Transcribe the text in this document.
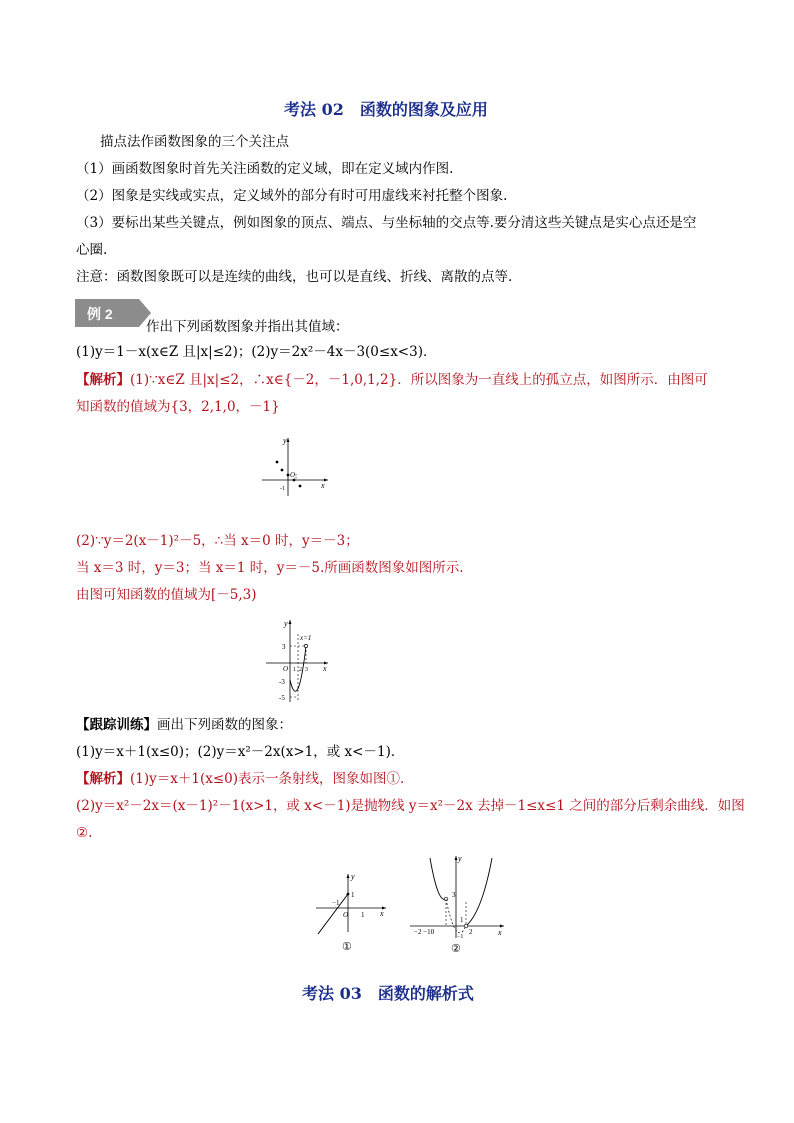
考法 02　函数的图象及应用
描点法作函数图象的三个关注点
（1）画函数图象时首先关注函数的定义域，即在定义域内作图.
（2）图象是实线或实点，定义域外的部分有时可用虚线来衬托整个图象.
（3）要标出某些关键点，例如图象的顶点、端点、与坐标轴的交点等.要分清这些关键点是实心点还是空
心圈.
注意：函数图象既可以是连续的曲线，也可以是直线、折线、离散的点等.
例 2
作出下列函数图象并指出其值域：
(1)y＝1－x(x∈Z 且|x|≤2)；(2)y＝2x²－4x－3(0≤x<3)．
【解析】(1)∵x∈Z 且|x|≤2，∴x∈{－2，－1,0,1,2}．所以图象为一直线上的孤立点，如图所示．由图可
知函数的值域为{3，2,1,0，－1}
y
x
O
-1
(2)∵y＝2(x－1)²－5，∴当 x＝0 时，y＝－3；
当 x＝3 时，y＝3；当 x＝1 时，y＝－5.所画函数图象如图所示.
由图可知函数的值域为[－5,3)
y
x
O
3
x=1
-3
-5
1 2 3
【跟踪训练】画出下列函数的图象：
(1)y＝x＋1(x≤0)；(2)y＝x²－2x(x>1，或 x<－1)．
【解析】(1)y＝x＋1(x≤0)表示一条射线，图象如图①.
(2)y＝x²－2x＝(x－1)²－1(x>1，或 x<－1)是抛物线 y＝x²－2x 去掉－1≤x≤1 之间的部分后剩余曲线．如图
②.
y
x
O
−1
1
1
①
y
x
3
1
−2 −10	2
−1
②
考法 03　函数的解析式
